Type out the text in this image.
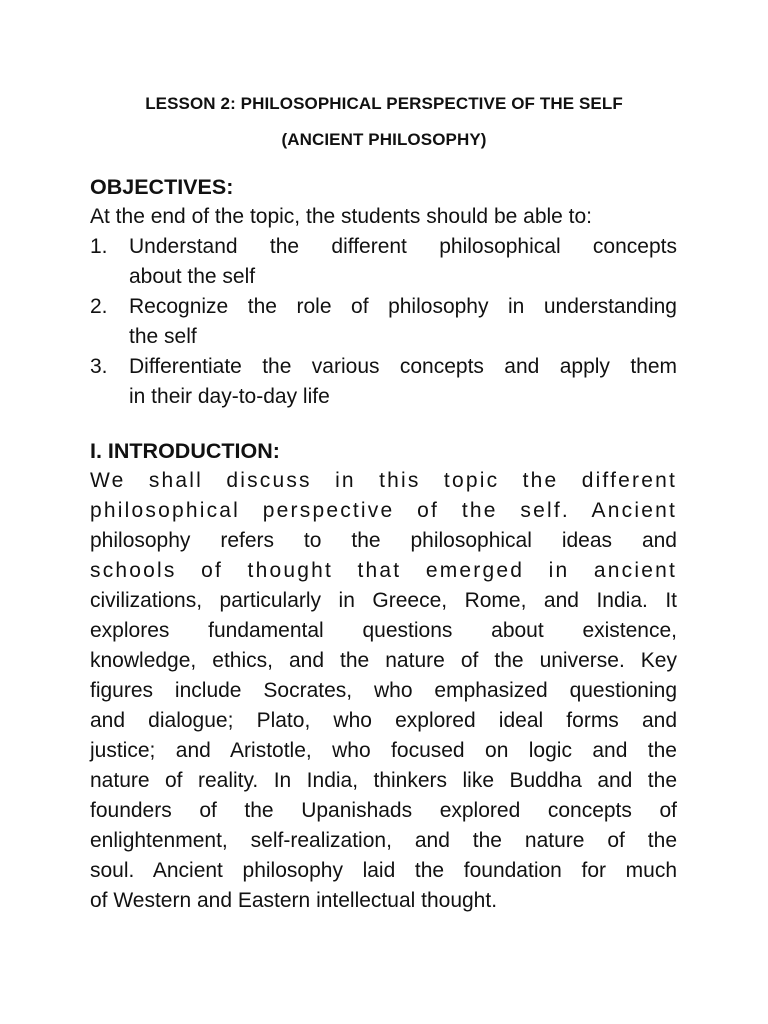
LESSON 2: PHILOSOPHICAL PERSPECTIVE OF THE SELF
(ANCIENT PHILOSOPHY)
OBJECTIVES:
At the end of the topic, the students should be able to:
1. Understand the different philosophical concepts
about the self
2. Recognize the role of philosophy in understanding
the self
3. Differentiate the various concepts and apply them
in their day-to-day life
I. INTRODUCTION:
We shall discuss in this topic the different
philosophical perspective of the self. Ancient
philosophy refers to the philosophical ideas and
schools of thought that emerged in ancient
civilizations, particularly in Greece, Rome, and India. It
explores fundamental questions about existence,
knowledge, ethics, and the nature of the universe. Key
figures include Socrates, who emphasized questioning
and dialogue; Plato, who explored ideal forms and
justice; and Aristotle, who focused on logic and the
nature of reality. In India, thinkers like Buddha and the
founders of the Upanishads explored concepts of
enlightenment, self-realization, and the nature of the
soul. Ancient philosophy laid the foundation for much
of Western and Eastern intellectual thought.
